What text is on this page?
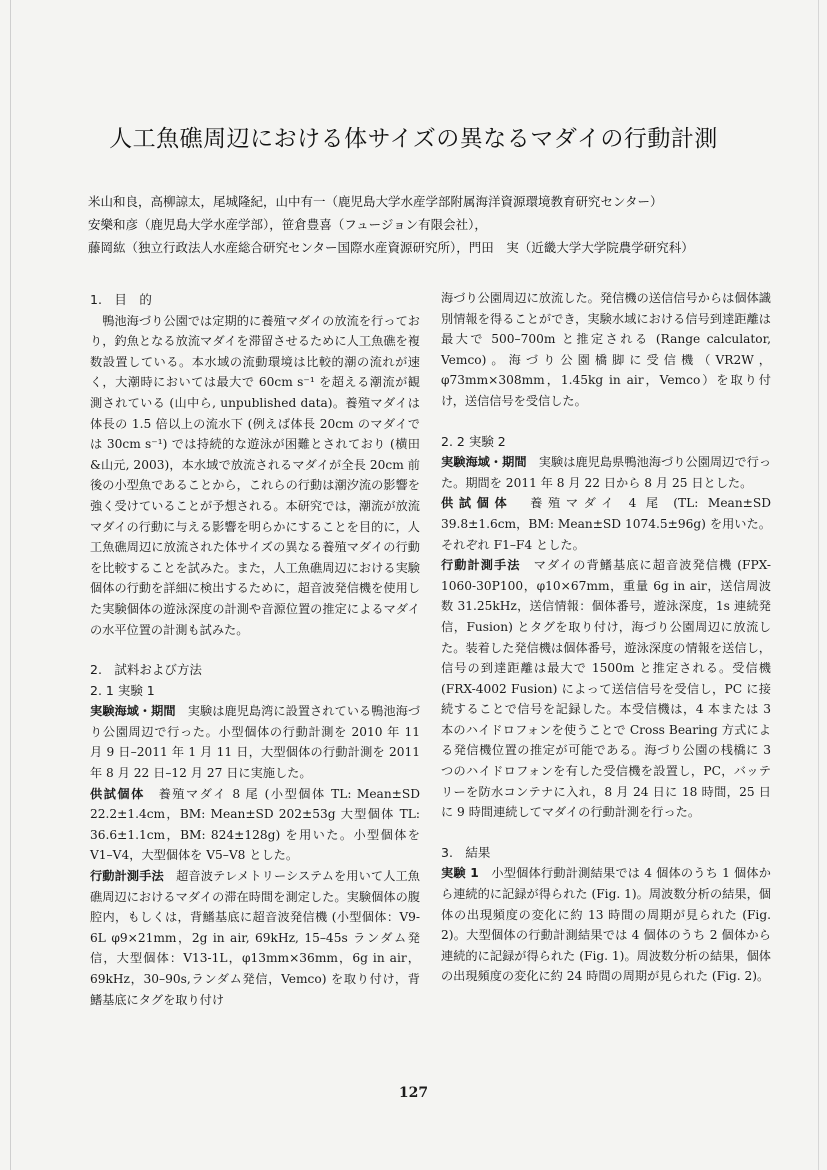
人工魚礁周辺における体サイズの異なるマダイの行動計測
米山和良，高柳諒太，尾城隆紀，山中有一（鹿児島大学水産学部附属海洋資源環境教育研究センター）
安樂和彦（鹿児島大学水産学部），笹倉豊喜（フュージョン有限会社），
藤岡紘（独立行政法人水産総合研究センター国際水産資源研究所），門田　実（近畿大学大学院農学研究科）
1.　目　的

鴨池海づり公園では定期的に養殖マダイの放流を行っており，釣魚となる放流マダイを滞留させるために人工魚礁を複数設置している。本水域の流動環境は比較的潮の流れが速く，大潮時においては最大で 60cm s⁻¹ を超える潮流が観測されている (山中ら, unpublished data)。養殖マダイは体長の 1.5 倍以上の流水下 (例えば体長 20cm のマダイでは 30cm s⁻¹) では持続的な遊泳が困難とされており (横田&山元, 2003)，本水域で放流されるマダイが全長 20cm 前後の小型魚であることから，これらの行動は潮汐流の影響を強く受けていることが予想される。本研究では，潮流が放流マダイの行動に与える影響を明らかにすることを目的に，人工魚礁周辺に放流された体サイズの異なる養殖マダイの行動を比較することを試みた。また，人工魚礁周辺における実験個体の行動を詳細に検出するために，超音波発信機を使用した実験個体の遊泳深度の計測や音源位置の推定によるマダイの水平位置の計測も試みた。

2.　試料および方法
2. 1 実験 1

実験海域・期間　実験は鹿児島湾に設置されている鴨池海づり公園周辺で行った。小型個体の行動計測を 2010 年 11 月 9 日–2011 年 1 月 11 日，大型個体の行動計測を 2011 年 8 月 22 日–12 月 27 日に実施した。

供試個体　養殖マダイ 8 尾 (小型個体 TL: Mean±SD 22.2±1.4cm，BM: Mean±SD 202±53g 大型個体 TL: 36.6±1.1cm，BM: 824±128g) を用いた。小型個体を V1–V4，大型個体を V5–V8 とした。

行動計測手法　超音波テレメトリーシステムを用いて人工魚礁周辺におけるマダイの滞在時間を測定した。実験個体の腹腔内，もしくは，背鰭基底に超音波発信機 (小型個体：V9-6L φ9×21mm，2g in air, 69kHz, 15–45s ランダム発信，大型個体：V13-1L，φ13mm×36mm，6g in air，69kHz，30–90s,ランダム発信，Vemco) を取り付け，背鰭基底にタグを取り付け

海づり公園周辺に放流した。発信機の送信信号からは個体識別情報を得ることができ，実験水域における信号到達距離は最大で 500–700m と推定される (Range calculator, Vemco)。海づり公園橋脚に受信機（VR2W，φ73mm×308mm，1.45kg in air，Vemco）を取り付け，送信信号を受信した。

2. 2 実験 2

実験海域・期間　実験は鹿児島県鴨池海づり公園周辺で行った。期間を 2011 年 8 月 22 日から 8 月 25 日とした。

供試個体　養殖マダイ 4 尾 (TL: Mean±SD 39.8±1.6cm，BM: Mean±SD 1074.5±96g) を用いた。それぞれ F1–F4 とした。

行動計測手法　マダイの背鰭基底に超音波発信機 (FPX-1060-30P100，φ10×67mm，重量 6g in air，送信周波数 31.25kHz，送信情報：個体番号，遊泳深度，1s 連続発信，Fusion) とタグを取り付け，海づり公園周辺に放流した。装着した発信機は個体番号，遊泳深度の情報を送信し，信号の到達距離は最大で 1500m と推定される。受信機 (FRX-4002 Fusion) によって送信信号を受信し，PC に接続することで信号を記録した。本受信機は，4 本または 3 本のハイドロフォンを使うことで Cross Bearing 方式による発信機位置の推定が可能である。海づり公園の桟橋に 3 つのハイドロフォンを有した受信機を設置し，PC，バッテリーを防水コンテナに入れ，8 月 24 日に 18 時間，25 日に 9 時間連続してマダイの行動計測を行った。

3.　結果

実験 1　小型個体行動計測結果では 4 個体のうち 1 個体から連続的に記録が得られた (Fig. 1)。周波数分析の結果，個体の出現頻度の変化に約 13 時間の周期が見られた (Fig. 2)。大型個体の行動計測結果では 4 個体のうち 2 個体から連続的に記録が得られた (Fig. 1)。周波数分析の結果，個体の出現頻度の変化に約 24 時間の周期が見られた (Fig. 2)。

127
